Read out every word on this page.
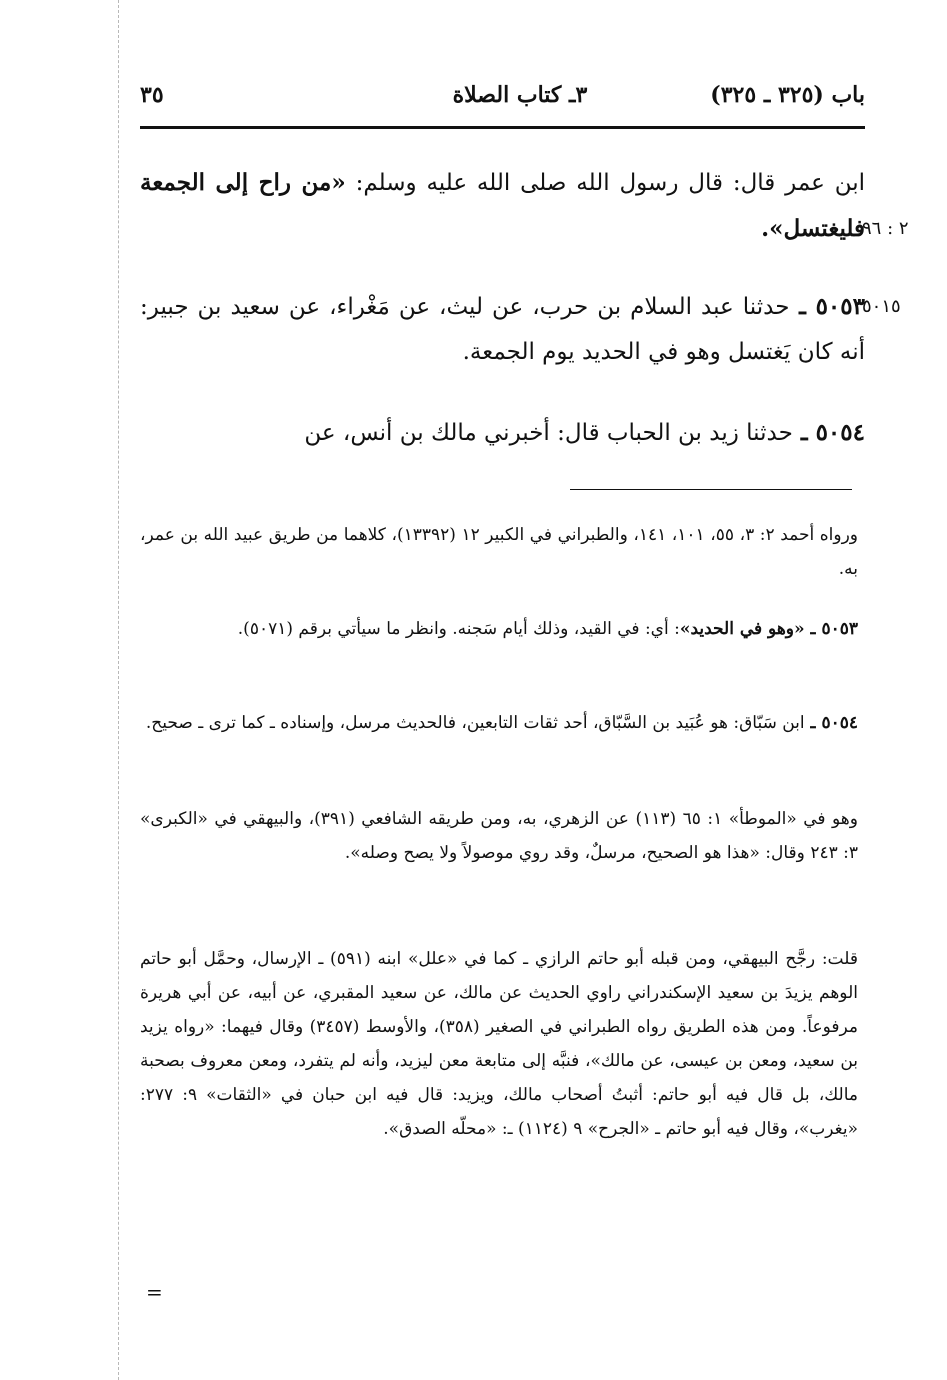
باب (٣٢٥ ـ ٣٢٥)
٣ـ كتاب الصلاة
٣٥
ابن عمر قال: قال رسول الله صلى الله عليه وسلم: «من راح إلى الجمعة فليغتسل».
٢ : ٩٦
٥٠٥٣ ـ حدثنا عبد السلام بن حرب، عن ليث، عن مَغْراء، عن سعيد بن جبير: أنه كان يَغتسل وهو في الحديد يوم الجمعة.
٥٠١٥
٥٠٥٤ ـ حدثنا زيد بن الحباب قال: أخبرني مالك بن أنس، عن
ورواه أحمد ٢: ٣، ٥٥، ١٠١، ١٤١، والطبراني في الكبير ١٢ (١٣٣٩٢)، كلاهما من طريق عبيد الله بن عمر، به.
٥٠٥٣ ـ «وهو في الحديد»: أي: في القيد، وذلك أيام سَجنه. وانظر ما سيأتي برقم (٥٠٧١).
٥٠٥٤ ـ ابن سَبّاق: هو عُبَيد بن السَّبّاق، أحد ثقات التابعين، فالحديث مرسل، وإسناده ـ كما ترى ـ صحيح.
وهو في «الموطأ» ١: ٦٥ (١١٣) عن الزهري، به، ومن طريقه الشافعي (٣٩١)، والبيهقي في «الكبرى» ٣: ٢٤٣ وقال: «هذا هو الصحيح، مرسلٌ، وقد روي موصولاً ولا يصح وصله».
قلت: رجَّح البيهقي، ومن قبله أبو حاتم الرازي ـ كما في «علل» ابنه (٥٩١) ـ الإرسال، وحمَّل أبو حاتم الوهم يزيدَ بن سعيد الإسكندراني راوي الحديث عن مالك، عن سعيد المقبري، عن أبيه، عن أبي هريرة مرفوعاً. ومن هذه الطريق رواه الطبراني في الصغير (٣٥٨)، والأوسط (٣٤٥٧) وقال فيهما: «رواه يزيد بن سعيد، ومعن بن عيسى، عن مالك»، فنبَّه إلى متابعة معن ليزيد، وأنه لم يتفرد، ومعن معروف بصحبة مالك، بل قال فيه أبو حاتم: أثبتُ أصحاب مالك، ويزيد: قال فيه ابن حبان في «الثقات» ٩: ٢٧٧: «يغرب»، وقال فيه أبو حاتم ـ «الجرح» ٩ (١١٢٤) ـ: «محلّه الصدق».
=
